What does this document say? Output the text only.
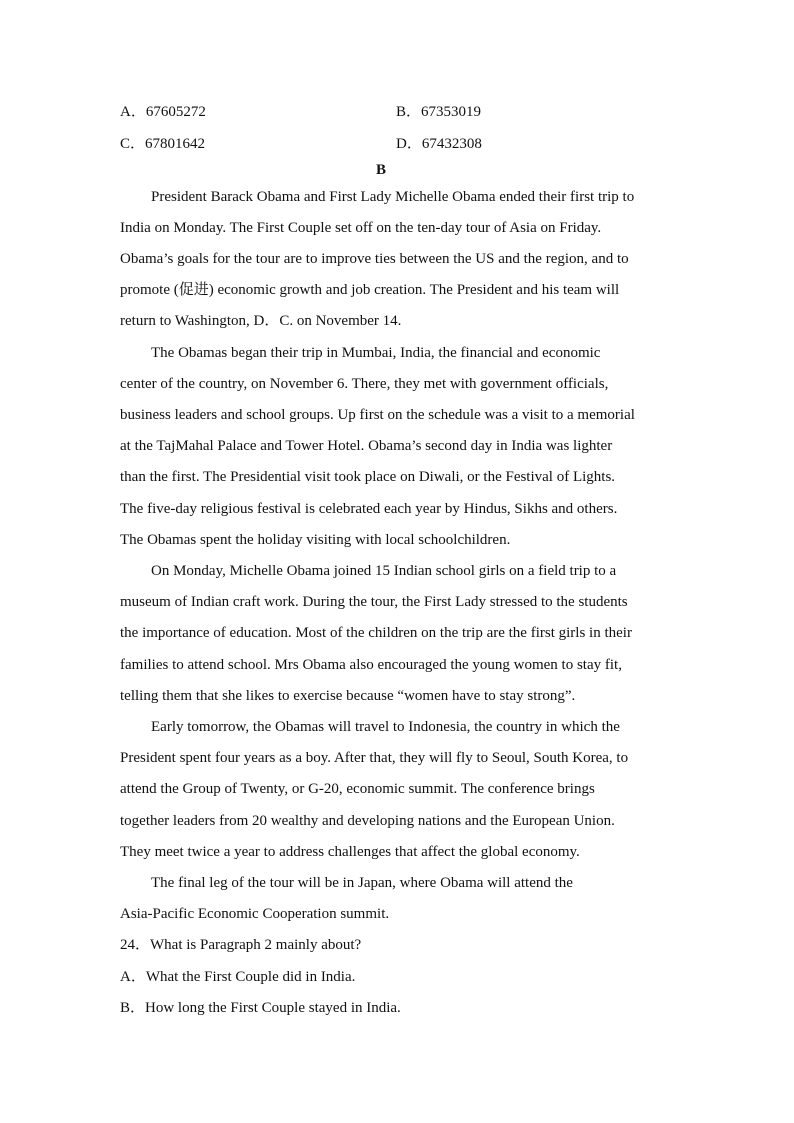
A．67605272	B．67353019
C．67801642	D．67432308
B
President Barack Obama and First Lady Michelle Obama ended their first trip to
India on Monday. The First Couple set off on the ten-day tour of Asia on Friday.
Obama’s goals for the tour are to improve ties between the US and the region, and to
promote (促进) economic growth and job creation. The President and his team will
return to Washington, D．C. on November 14.
The Obamas began their trip in Mumbai, India, the financial and economic
center of the country, on November 6. There, they met with government officials,
business leaders and school groups. Up first on the schedule was a visit to a memorial
at the TajMahal Palace and Tower Hotel. Obama’s second day in India was lighter
than the first. The Presidential visit took place on Diwali, or the Festival of Lights.
The five-day religious festival is celebrated each year by Hindus, Sikhs and others.
The Obamas spent the holiday visiting with local schoolchildren.
On Monday, Michelle Obama joined 15 Indian school girls on a field trip to a
museum of Indian craft work. During the tour, the First Lady stressed to the students
the importance of education. Most of the children on the trip are the first girls in their
families to attend school. Mrs Obama also encouraged the young women to stay fit,
telling them that she likes to exercise because “women have to stay strong”.
Early tomorrow, the Obamas will travel to Indonesia, the country in which the
President spent four years as a boy. After that, they will fly to Seoul, South Korea, to
attend the Group of Twenty, or G-20, economic summit. The conference brings
together leaders from 20 wealthy and developing nations and the European Union.
They meet twice a year to address challenges that affect the global economy.
The final leg of the tour will be in Japan, where Obama will attend the
Asia-Pacific Economic Cooperation summit.
24．What is Paragraph 2 mainly about?
A．What the First Couple did in India.
B．How long the First Couple stayed in India.
